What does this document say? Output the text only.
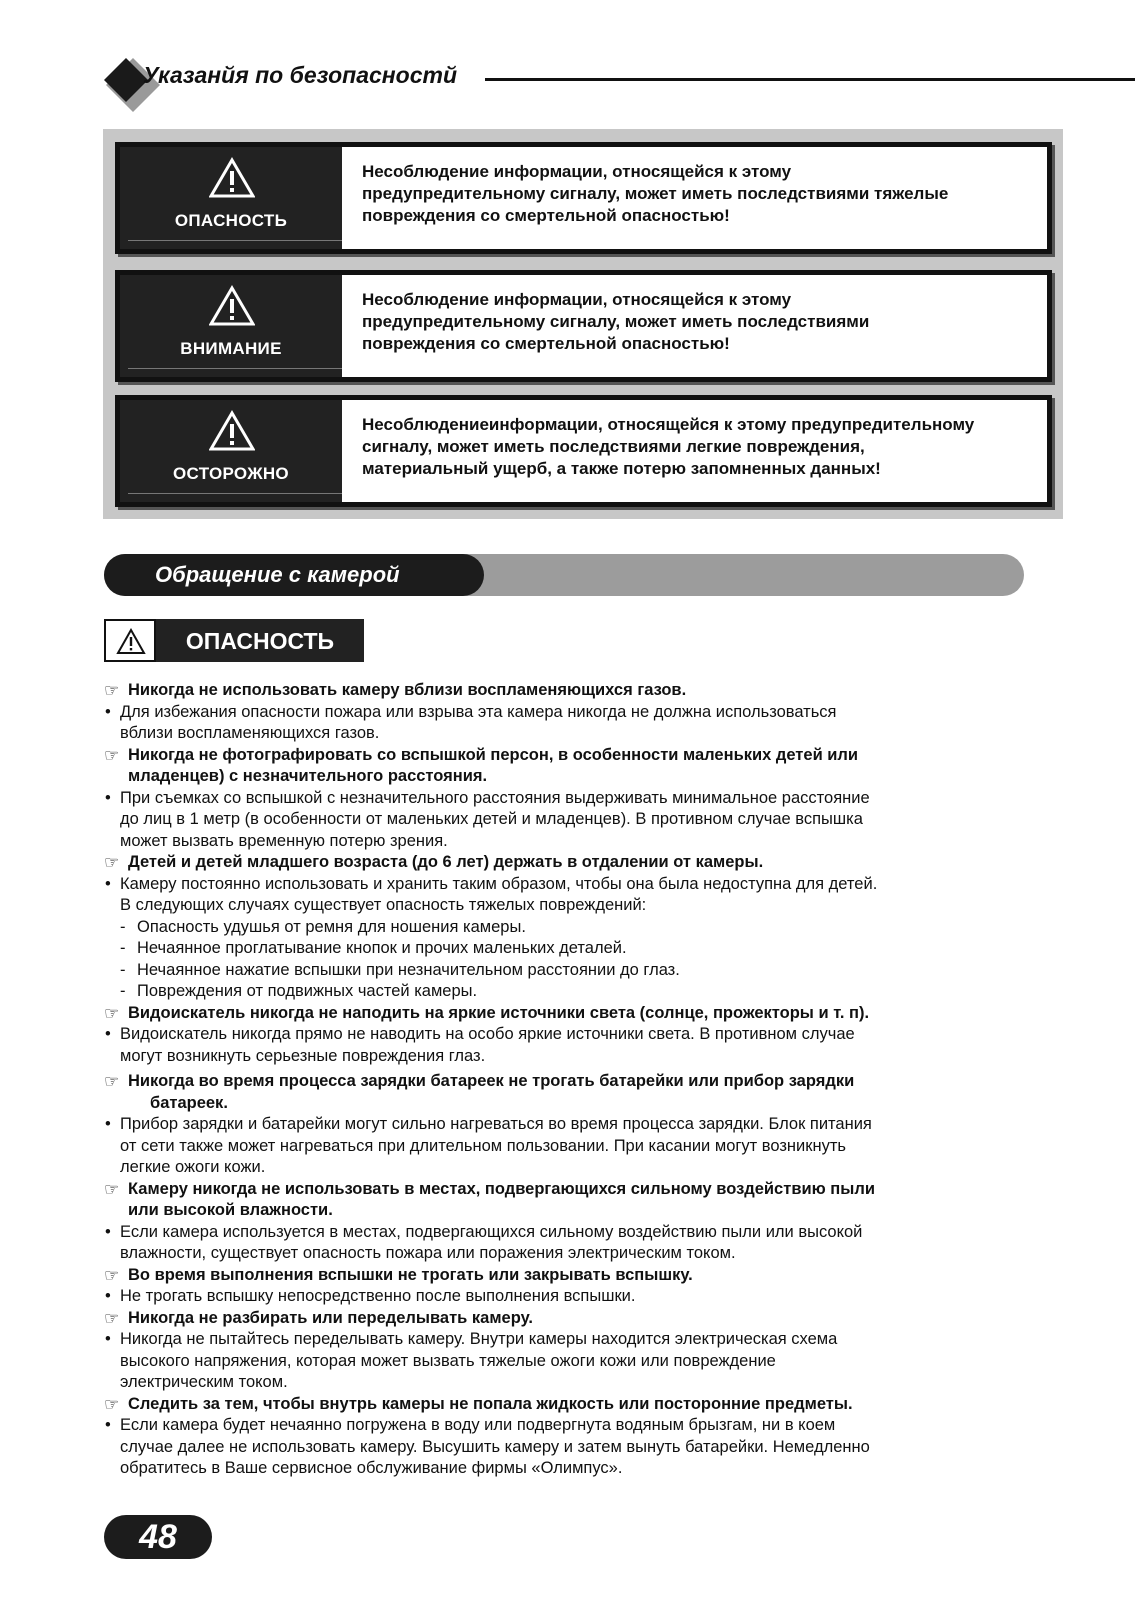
Указанйя по безопасностй
ОПАСНОСТЬ
Несоблюдение информации, относящейся к этому
предупредительному сигналу, может иметь последствиями тяжелые
повреждения со смертельной опасностью!
ВНИМАНИЕ
Несоблюдение информации, относящейся к этому
предупредительному сигналу, может иметь последствиями
повреждения со смертельной опасностью!
ОСТОРОЖНО
Несоблюдениеинформации, относящейся к этому предупредительному
сигналу, может иметь последствиями легкие повреждения,
материальный ущерб, а также потерю запомненных данных!
Обращение с камерой
ОПАСНОСТЬ
☞ Никогда не использовать камеру вблизи воспламеняющихся газов.
• Для избежания опасности пожара или взрыва эта камера никогда не должна использоваться
вблизи воспламеняющихся газов.
☞ Никогда не фотографировать со вспышкой персон, в особенности маленьких детей или
младенцев) с незначительного расстояния.
• При съемках со вспышкой с незначительного расстояния выдерживать минимальное расстояние
до лиц в 1 метр (в особенности от маленьких детей и младенцев). В противном случае вспышка
может вызвать временную потерю зрения.
☞ Детей и детей младшего возраста (до 6 лет) держать в отдалении от камеры.
• Камеру постоянно использовать и хранить таким образом, чтобы она была недоступна для детей.
В следующих случаях существует опасность тяжелых повреждений:
- Опасность удушья от ремня для ношения камеры.
- Нечаянное проглатывание кнопок и прочих маленьких деталей.
- Нечаянное нажатие вспышки при незначительном расстоянии до глаз.
- Повреждения от подвижных частей камеры.
☞ Видоискатель никогда не наподить на яркие источники света (солнце, прожекторы и т. п).
• Видоискатель никогда прямо не наводить на особо яркие источники света. В противном случае
могут возникнуть серьезные повреждения глаз.
☞ Никогда во время процесса зарядки батареек не трогать батарейки или прибор зарядки
батареек.
• Прибор зарядки и батарейки могут сильно нагреваться во время процесса зарядки. Блок питания
от сети также может нагреваться при длительном пользовании. При касании могут возникнуть
легкие ожоги кожи.
☞ Камеру никогда не использовать в местах, подвергающихся сильному воздействию пыли
или высокой влажности.
• Если камера используется в местах, подвергающихся сильному воздействию пыли или высокой
влажности, существует опасность пожара или поражения электрическим током.
☞ Во время выполнения вспышки не трогать или закрывать вспышку.
• Не трогать вспышку непосредственно после выполнения вспышки.
☞ Никогда не разбирать или переделывать камеру.
• Никогда не пытайтесь переделывать камеру. Внутри камеры находится электрическая схема
высокого напряжения, которая может вызвать тяжелые ожоги кожи или повреждение
электрическим током.
☞ Следить за тем, чтобы внутрь камеры не попала жидкость или посторонние предметы.
• Если камера будет нечаянно погружена в воду или подвергнута водяным брызгам, ни в коем
случае далее не использовать камеру. Высушить камеру и затем вынуть батарейки. Немедленно
обратитесь в Ваше сервисное обслуживание фирмы «Олимпус».
48
